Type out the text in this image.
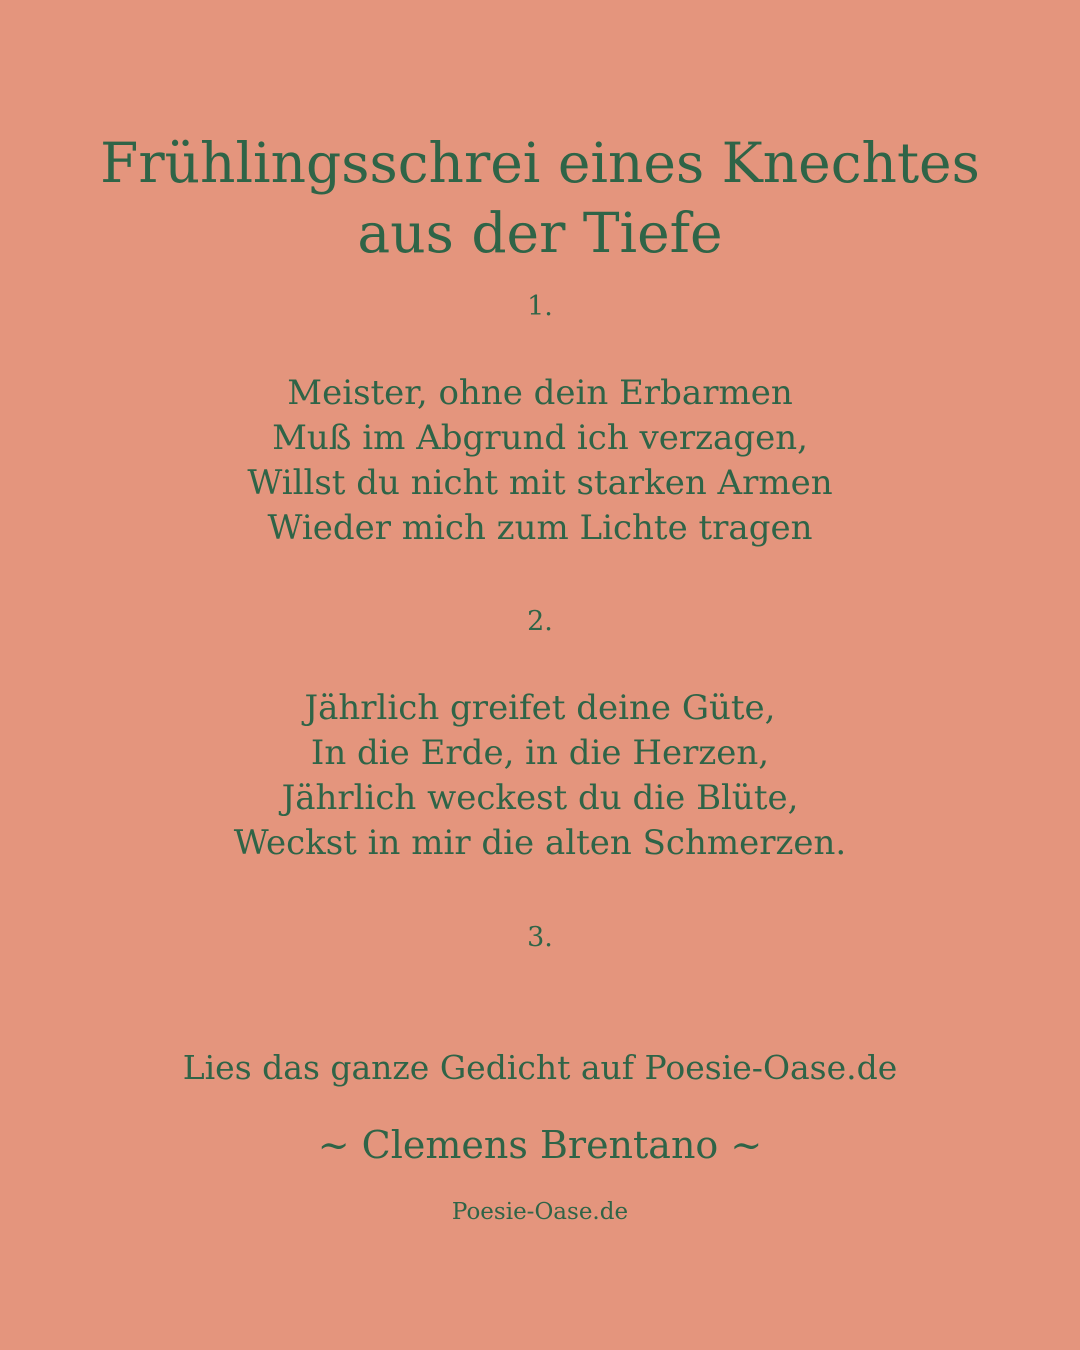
Frühlingsschrei eines Knechtes aus der Tiefe
1.
Meister, ohne dein Erbarmen
Muß im Abgrund ich verzagen,
Willst du nicht mit starken Armen
Wieder mich zum Lichte tragen
2.
Jährlich greifet deine Güte,
In die Erde, in die Herzen,
Jährlich weckest du die Blüte,
Weckst in mir die alten Schmerzen.
3.
Lies das ganze Gedicht auf Poesie-Oase.de
~ Clemens Brentano ~
Poesie-Oase.de
